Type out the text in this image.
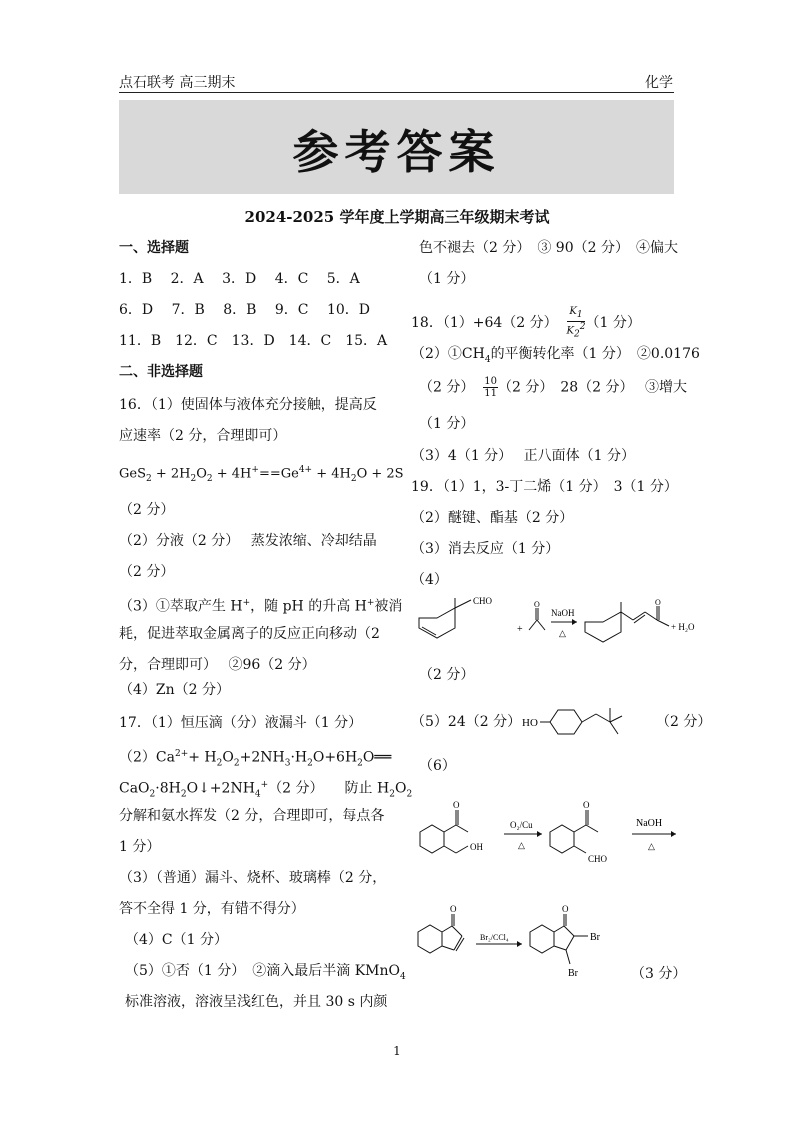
点石联考 高三期末	化学
参考答案
2024-2025 学年度上学期高三年级期末考试
一、选择题
1．B　 2．A　 3．D　 4．C　 5．A
6．D　 7．B　 8．B　 9．C　 10．D
11．B　12．C　13．D　14．C　15．A
二、非选择题
16．（1）使固体与液体充分接触，提高反
应速率（2 分，合理即可）
$GeS_2 + 2H_2O_2 + 4H^+==Ge^{4+} + 4H_2O + 2S$
（2 分）
（2）分液（2 分）　 蒸发浓缩、冷却结晶
（2 分）
（3）①萃取产生 H+，随 pH 的升高 H+被消
耗，促进萃取金属离子的反应正向移动（2
分，合理即可）　 ②96（2 分）
（4）Zn（2 分）
17．（1）恒压滴（分）液漏斗（1 分）
$(2)Ca^{2+}+$ $H_2O_2+2NH_3\cdot H_2O+6H_2O══$
$CaO_2\cdot 8H_2O↓+2NH_4^+(2$ 分）　　防止 $H_2O_2$
分解和氨水挥发（2 分，合理即可，每点各
1 分）
（3）（普通）漏斗、烧杯、玻璃棒（2 分，
答不全得 1 分，有错不得分）
（4）C（1 分）
（5）①否（1 分）　②滴入最后半滴 KMnO$_4$
标准溶液，溶液呈浅红色，并且 30 s 内颜
色不褪去（2 分）　③ 90（2 分）　④偏大
（1 分）
18．（1）+64（2 分） $\frac{K_1}{K_2^2} (1$ 分）
$(2)①CH_4$的平衡转化率（1 分）　②0.0176
（2 分） $\frac{10}{11} (2$ 分）　28（2 分）　 ③增大
（1 分）
（3）4（1 分）　 正八面体（1 分）
19．（1）1，3-丁二烯（1 分）　3（1 分）
（2）醚键、酯基（2 分）
（3）消去反应（1 分）
（4）
CHO
+
O
NaOH
△
O
+ H₂O
（2 分）
（5）24（2 分） HO	（2 分）
（6）
O
OH
O₂/Cu
△
O
CHO
NaOH
△
O
Br₂/CCl₄
O
Br
Br	（3 分）
1
